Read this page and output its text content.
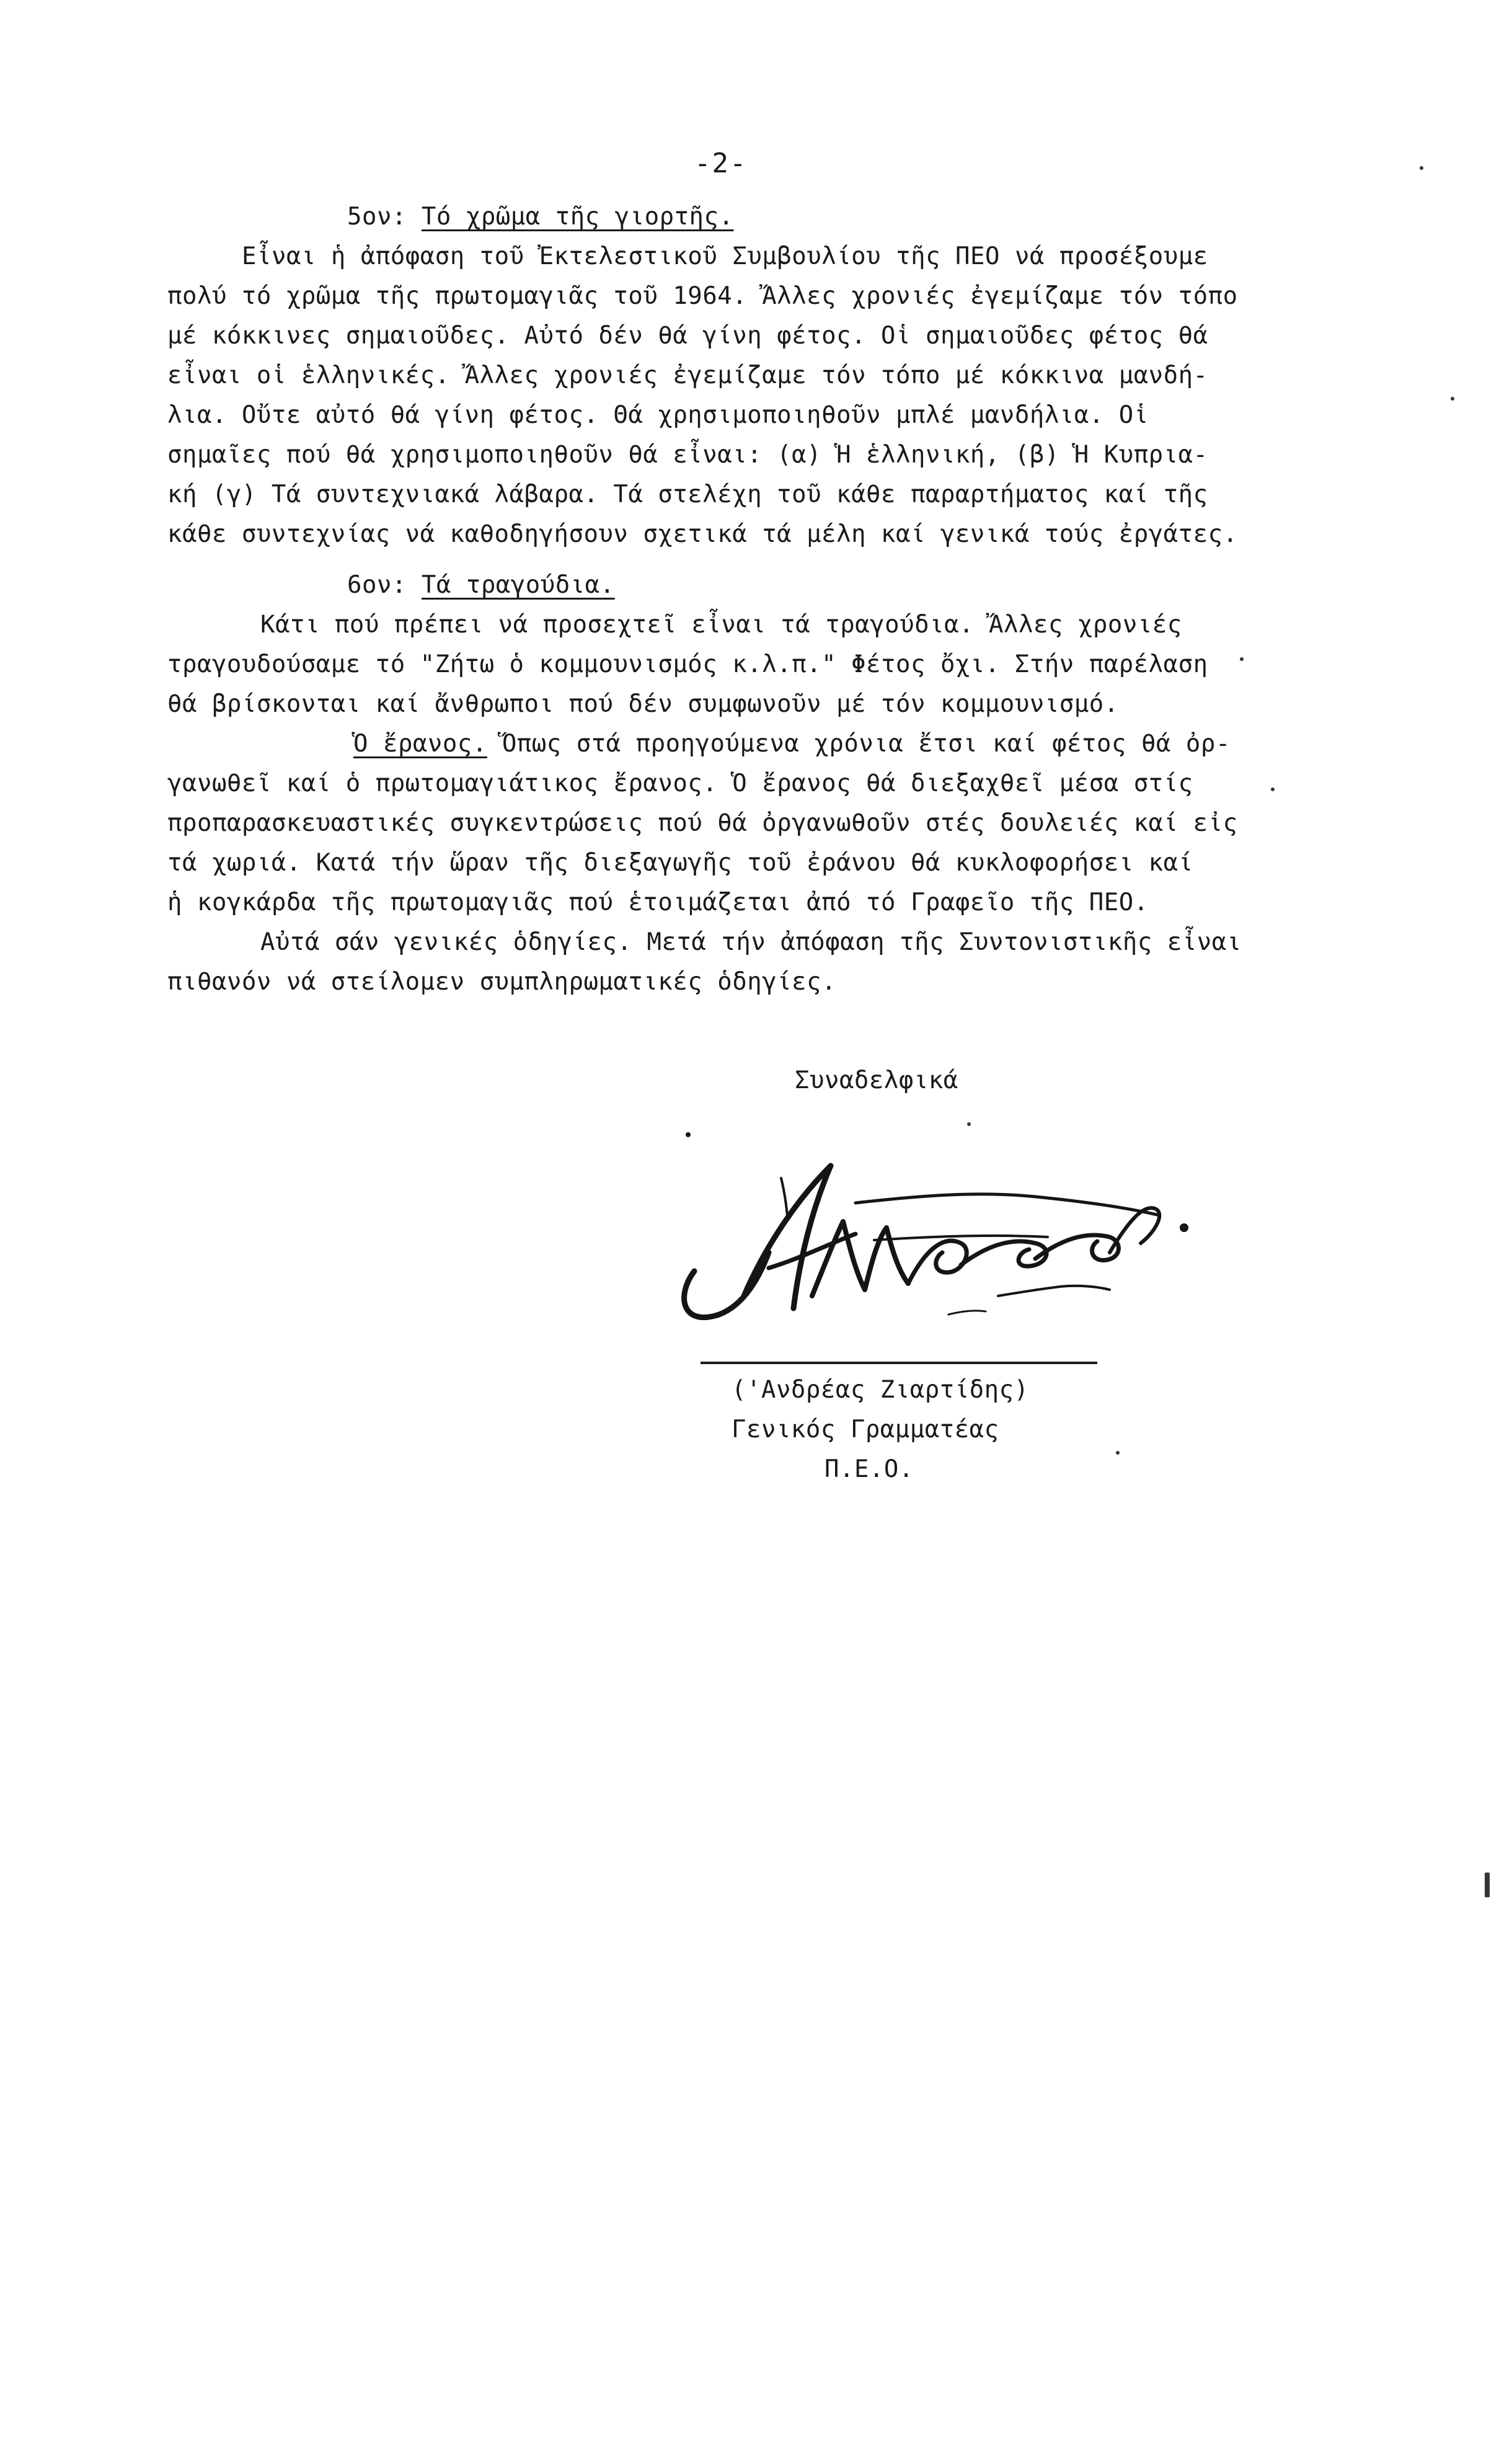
-2-
5ον: Τό χρῶμα τῆς γιορτῆς.
Εἶναι ἡ ἀπόφαση τοῦ Ἐκτελεστικοῦ Συμβουλίου τῆς ΠΕΟ νά προσέξουμε
πολύ τό χρῶμα τῆς πρωτομαγιᾶς τοῦ 1964. Ἄλλες χρονιές ἐγεμίζαμε τόν τόπο
μέ κόκκινες σημαιοῦδες. Αὐτό δέν θά γίνη φέτος. Οἱ σημαιοῦδες φέτος θά
εἶναι οἱ ἑλληνικές. Ἄλλες χρονιές ἐγεμίζαμε τόν τόπο μέ κόκκινα μανδή-
λια. Οὔτε αὐτό θά γίνη φέτος. Θά χρησιμοποιηθοῦν μπλέ μανδήλια. Οἱ
σημαῖες πού θά χρησιμοποιηθοῦν θά εἶναι: (α) Ἡ ἑλληνική, (β) Ἡ Κυπρια-
κή (γ) Τά συντεχνιακά λάβαρα. Τά στελέχη τοῦ κάθε παραρτήματος καί τῆς
κάθε συντεχνίας νά καθοδηγήσουν σχετικά τά μέλη καί γενικά τούς ἐργάτες.
6ον: Τά τραγούδια.
Κάτι πού πρέπει νά προσεχτεῖ εἶναι τά τραγούδια. Ἄλλες χρονιές
τραγουδούσαμε τό "Ζήτω ὁ κομμουνισμός κ.λ.π." Φέτος ὄχι. Στήν παρέλαση
θά βρίσκονται καί ἄνθρωποι πού δέν συμφωνοῦν μέ τόν κομμουνισμό.
Ὁ ἔρανος. Ὅπως στά προηγούμενα χρόνια ἔτσι καί φέτος θά ὀρ-
γανωθεῖ καί ὁ πρωτομαγιάτικος ἔρανος. Ὁ ἔρανος θά διεξαχθεῖ μέσα στίς
προπαρασκευαστικές συγκεντρώσεις πού θά ὀργανωθοῦν στές δουλειές καί εἰς
τά χωριά. Κατά τήν ὥραν τῆς διεξαγωγῆς τοῦ ἐράνου θά κυκλοφορήσει καί
ἡ κογκάρδα τῆς πρωτομαγιᾶς πού ἑτοιμάζεται ἀπό τό Γραφεῖο τῆς ΠΕΟ.
Αὐτά σάν γενικές ὁδηγίες. Μετά τήν ἀπόφαση τῆς Συντονιστικῆς εἶναι
πιθανόν νά στείλομεν συμπληρωματικές ὁδηγίες.
Συναδελφικά
('Ανδρέας Ζιαρτίδης)
Γενικός Γραμματέας
Π.Ε.Ο.
